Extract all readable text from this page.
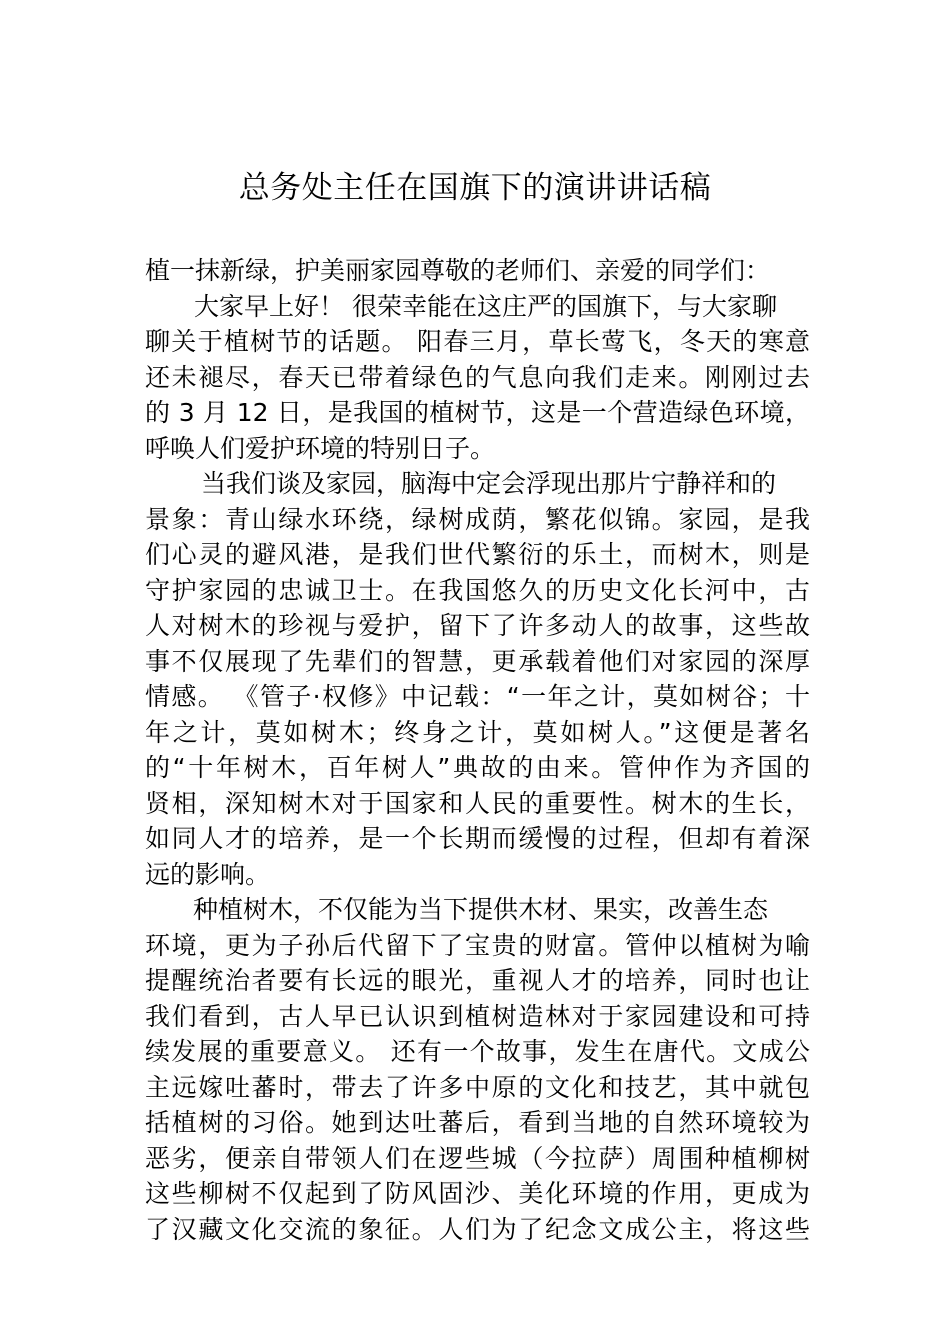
总务处主任在国旗下的演讲讲话稿
植一抹新绿，护美丽家园尊敬的老师们、亲爱的同学们：
大家早上好！ 很荣幸能在这庄严的国旗下，与大家聊
聊关于植树节的话题。 阳春三月，草长莺飞，冬天的寒意
还未褪尽，春天已带着绿色的气息向我们走来。刚刚过去
的 3 月 12 日，是我国的植树节，这是一个营造绿色环境，
呼唤人们爱护环境的特别日子。
当我们谈及家园，脑海中定会浮现出那片宁静祥和的
景象：青山绿水环绕，绿树成荫，繁花似锦。家园，是我
们心灵的避风港，是我们世代繁衍的乐土，而树木，则是
守护家园的忠诚卫士。在我国悠久的历史文化长河中，古
人对树木的珍视与爱护，留下了许多动人的故事，这些故
事不仅展现了先辈们的智慧，更承载着他们对家园的深厚
情感。 《管子·权修》中记载：“一年之计，莫如树谷；十
年之计，莫如树木；终身之计，莫如树人。”这便是著名
的“十年树木，百年树人”典故的由来。管仲作为齐国的
贤相，深知树木对于国家和人民的重要性。树木的生长，
如同人才的培养，是一个长期而缓慢的过程，但却有着深
远的影响。
种植树木，不仅能为当下提供木材、果实，改善生态
环境，更为子孙后代留下了宝贵的财富。管仲以植树为喻
提醒统治者要有长远的眼光，重视人才的培养，同时也让
我们看到，古人早已认识到植树造林对于家园建设和可持
续发展的重要意义。 还有一个故事，发生在唐代。文成公
主远嫁吐蕃时，带去了许多中原的文化和技艺，其中就包
括植树的习俗。她到达吐蕃后，看到当地的自然环境较为
恶劣，便亲自带领人们在逻些城（今拉萨）周围种植柳树
这些柳树不仅起到了防风固沙、美化环境的作用，更成为
了汉藏文化交流的象征。人们为了纪念文成公主，将这些
